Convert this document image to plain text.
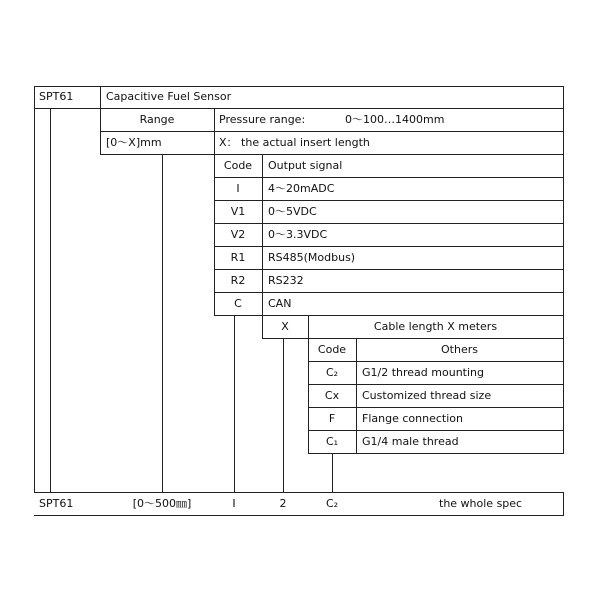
SPT61	Capacitive Fuel Sensor
Range	Pressure range:	0〜100…1400mm
[0〜X]mm	X： the actual insert length
Code	Output signal
I	4〜20mADC
V1	0〜5VDC
V2	0〜3.3VDC
R1	RS485(Modbus)
R2	RS232
C	CAN
X	Cable length X meters
Code	Others
C₂	G1/2 thread mounting
Cx	Customized thread size
F	Flange connection
C₁	G1/4 male thread
SPT61	[0〜500㎜]	I	2	C₂	the whole spec
